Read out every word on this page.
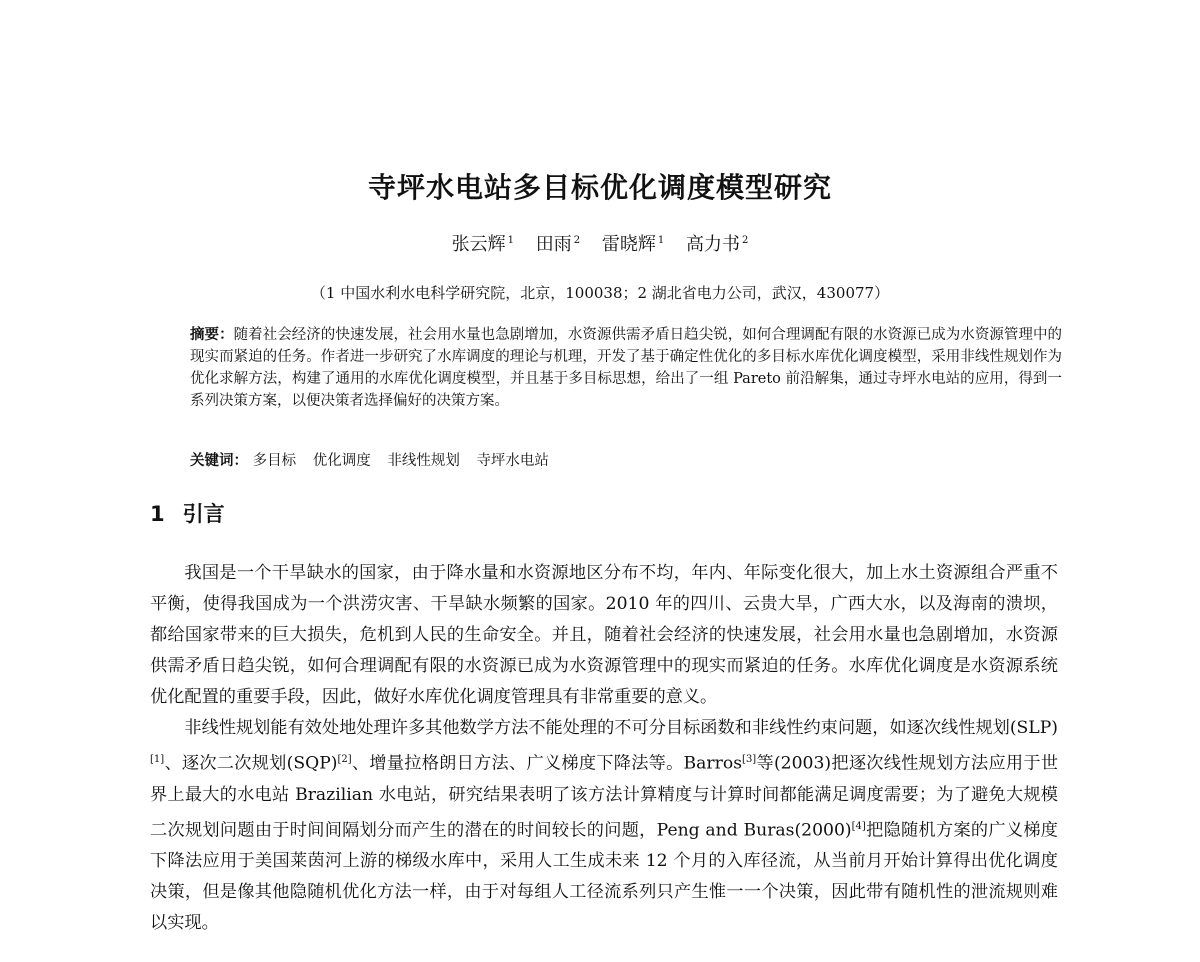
寺坪水电站多目标优化调度模型研究
张云辉 $^1$ 田雨 $^2$ 雷晓辉 $^1$ 高力书 $^2$
（1 中国水利水电科学研究院，北京，100038；2 湖北省电力公司，武汉，430077）
摘要：随着社会经济的快速发展，社会用水量也急剧增加，水资源供需矛盾日趋尖锐，如何合理调配有限的水资源已成为水资源管理中的现实而紧迫的任务。作者进一步研究了水库调度的理论与机理，开发了基于确定性优化的多目标水库优化调度模型，采用非线性规划作为优化求解方法，构建了通用的水库优化调度模型，并且基于多目标思想，给出了一组 Pareto 前沿解集，通过寺坪水电站的应用，得到一系列决策方案，以便决策者选择偏好的决策方案。
关键词： 多目标 优化调度 非线性规划 寺坪水电站
1 引言

我国是一个干旱缺水的国家，由于降水量和水资源地区分布不均，年内、年际变化很大，加上水土资源组合严重不平衡，使得我国成为一个洪涝灾害、干旱缺水频繁的国家。2010 年的四川、云贵大旱，广西大水，以及海南的溃坝，都给国家带来的巨大损失，危机到人民的生命安全。并且，随着社会经济的快速发展，社会用水量也急剧增加，水资源供需矛盾日趋尖锐，如何合理调配有限的水资源已成为水资源管理中的现实而紧迫的任务。水库优化调度是水资源系统优化配置的重要手段，因此，做好水库优化调度管理具有非常重要的意义。

非线性规划能有效处地处理许多其他数学方法不能处理的不可分目标函数和非线性约束问题，如逐次线性规划(SLP)[1]、逐次二次规划(SQP)[2]、增量拉格朗日方法、广义梯度下降法等。Barros[3]等(2003)把逐次线性规划方法应用于世界上最大的水电站 Brazilian 水电站，研究结果表明了该方法计算精度与计算时间都能满足调度需要；为了避免大规模二次规划问题由于时间间隔划分而产生的潜在的时间较长的问题，Peng and Buras(2000)[4]把隐随机方案的广义梯度下降法应用于美国莱茵河上游的梯级水库中，采用人工生成未来 12 个月的入库径流，从当前月开始计算得出优化调度决策，但是像其他隐随机优化方法一样，由于对每组人工径流系列只产生惟一一个决策，因此带有随机性的泄流规则难以实现。
